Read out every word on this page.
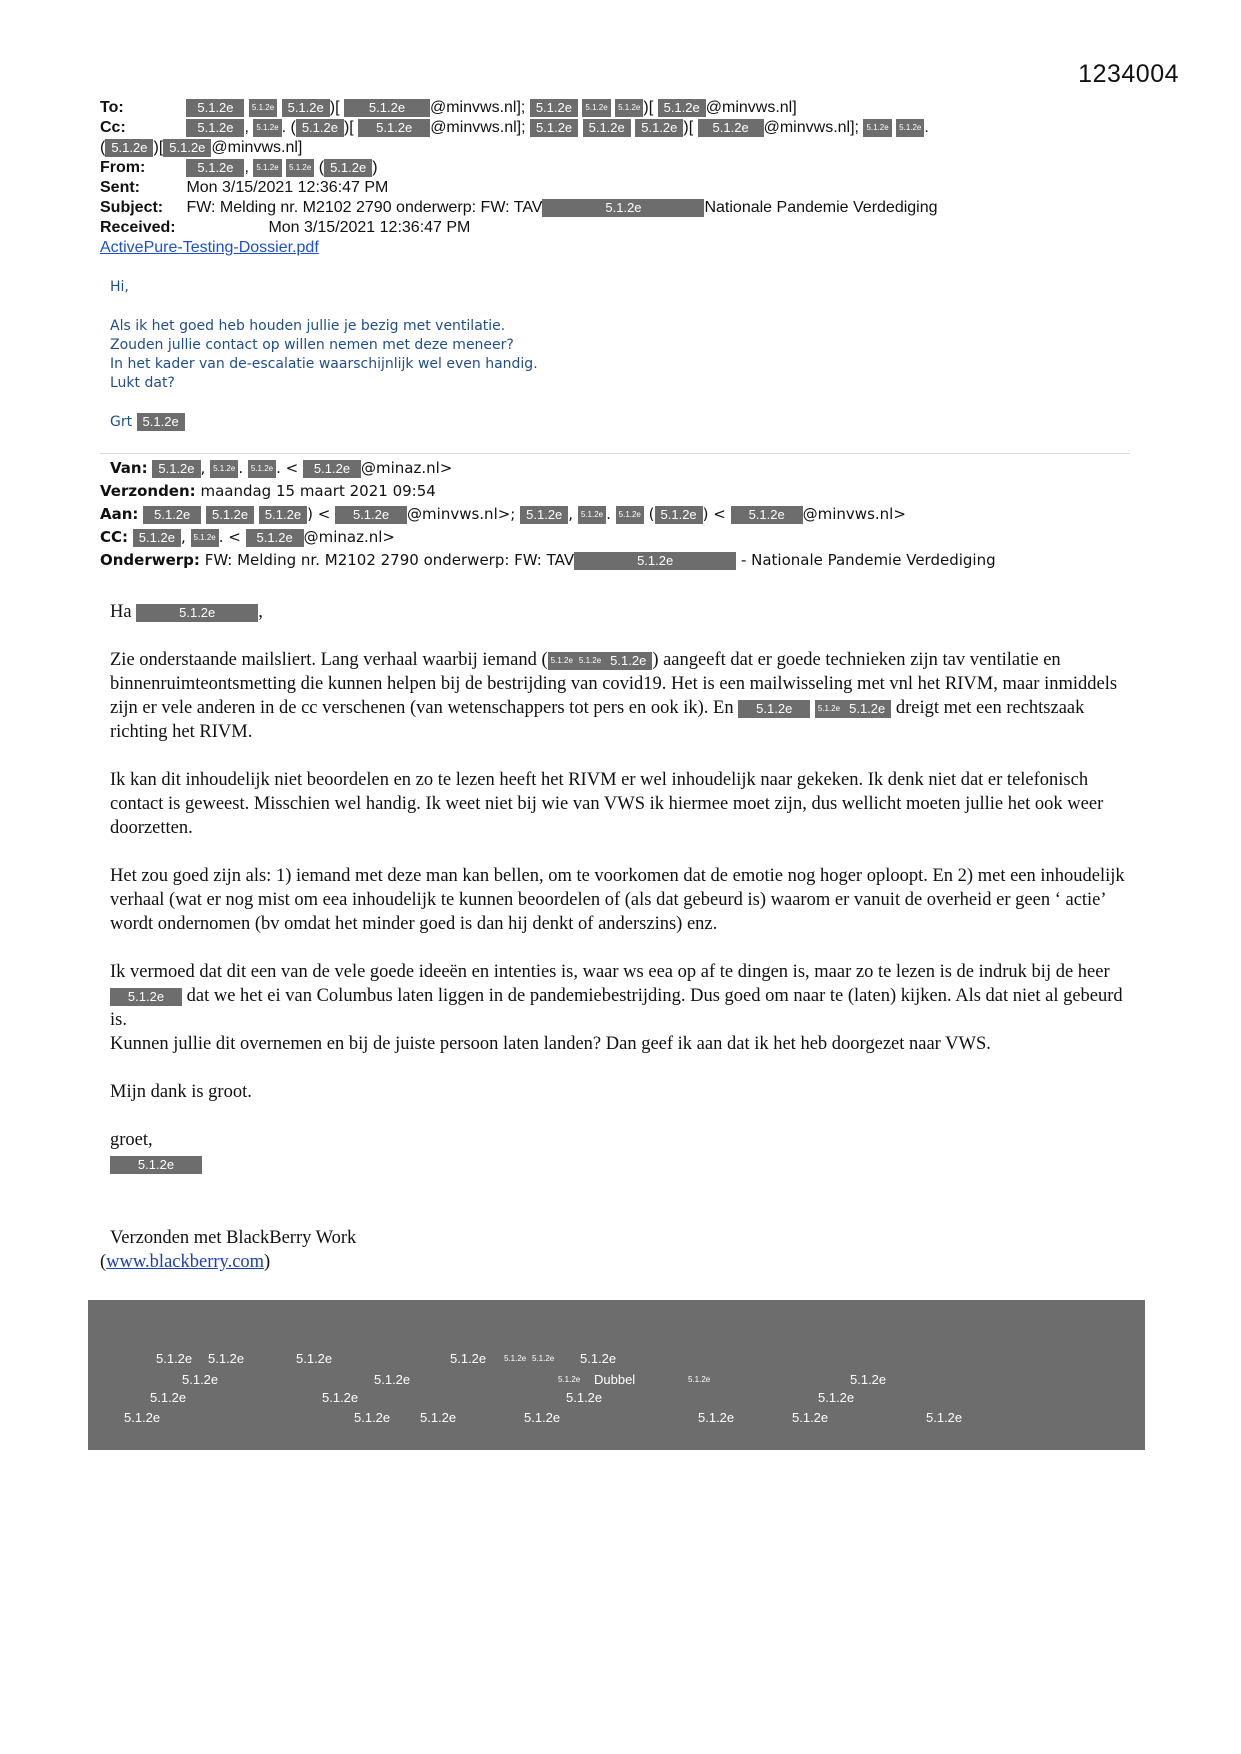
1234004
To:	5.1.2e 5.1.2e 5.1.2e )[ 5.1.2e @minvws.nl]; 5.1.2e 5.1.2e 5.1.2e )[ 5.1.2e @minvws.nl]
Cc:	5.1.2e , 5.1.2e . ( 5.1.2e )[ 5.1.2e @minvws.nl]; 5.1.2e 5.1.2e 5.1.2e )[ 5.1.2e @minvws.nl]; 5.1.2e 5.1.2e .
( 5.1.2e )[ 5.1.2e @minvws.nl]
From:	5.1.2e , 5.1.2e 5.1.2e ( 5.1.2e )
Sent:	Mon 3/15/2021 12:36:47 PM
Subject: FW: Melding nr. M2102 2790 onderwerp: FW: TAV	5.1.2e	Nationale Pandemie Verdediging
Received:	Mon 3/15/2021 12:36:47 PM
ActivePure-Testing-Dossier.pdf

Hi,

Als ik het goed heb houden jullie je bezig met ventilatie.

Zouden jullie contact op willen nemen met deze meneer?

In het kader van de-escalatie waarschijnlijk wel even handig.

Lukt dat?

Grt 5.1.2e

Van: 5.1.2e , 5.1.2e . 5.1.2e . < 5.1.2e @minaz.nl>
Verzonden: maandag 15 maart 2021 09:54
Aan: 5.1.2e 5.1.2e 5.1.2e ) < 5.1.2e @minvws.nl>; 5.1.2e , 5.1.2e . 5.1.2e ( 5.1.2e ) < 5.1.2e @minvws.nl>
CC: 5.1.2e , 5.1.2e . < 5.1.2e @minaz.nl>
Onderwerp: FW: Melding nr. M2102 2790 onderwerp: FW: TAV	5.1.2e	- Nationale Pandemie Verdediging

Ha	5.1.2e ,

Zie onderstaande mailsliert. Lang verhaal waarbij iemand ( 5.1.2e 5.1.2e 5.1.2e ) aangeeft dat er goede technieken zijn tav ventilatie en binnenruimteontsmetting die kunnen helpen bij de bestrijding van covid19. Het is een mailwisseling met vnl het RIVM, maar inmiddels zijn er vele anderen in de cc verschenen (van wetenschappers tot pers en ook ik). En 5.1.2e	5.1.2e 5.1.2e dreigt met een rechtszaak richting het RIVM.

Ik kan dit inhoudelijk niet beoordelen en zo te lezen heeft het RIVM er wel inhoudelijk naar gekeken. Ik denk niet dat er telefonisch contact is geweest. Misschien wel handig. Ik weet niet bij wie van VWS ik hiermee moet zijn, dus wellicht moeten jullie het ook weer doorzetten.

Het zou goed zijn als: 1) iemand met deze man kan bellen, om te voorkomen dat de emotie nog hoger oploopt. En 2) met een inhoudelijk verhaal (wat er nog mist om eea inhoudelijk te kunnen beoordelen of (als dat gebeurd is) waarom er vanuit de overheid er geen ‘ actie’ wordt ondernomen (bv omdat het minder goed is dan hij denkt of anderszins) enz.

Ik vermoed dat dit een van de vele goede ideeën en intenties is, waar ws eea op af te dingen is, maar zo te lezen is de indruk bij de heer 5.1.2e dat we het ei van Columbus laten liggen in de pandemiebestrijding. Dus goed om naar te (laten) kijken. Als dat niet al gebeurd is.

Kunnen jullie dit overnemen en bij de juiste persoon laten landen? Dan geef ik aan dat ik het heb doorgezet naar VWS.

Mijn dank is groot.

groet,

5.1.2e

Verzonden met BlackBerry Work

(www.blackberry.com)

5.1.2e 5.1.2e	5.1.2e	5.1.2e 5.1.2e 5.1.2e 5.1.2e
5.1.2e	5.1.2e	5.1.2e Dubbel	5.1.2e	5.1.2e
5.1.2e	5.1.2e	5.1.2e	5.1.2e
5.1.2e	5.1.2e 5.1.2e	5.1.2e	5.1.2e	5.1.2e	5.1.2e
